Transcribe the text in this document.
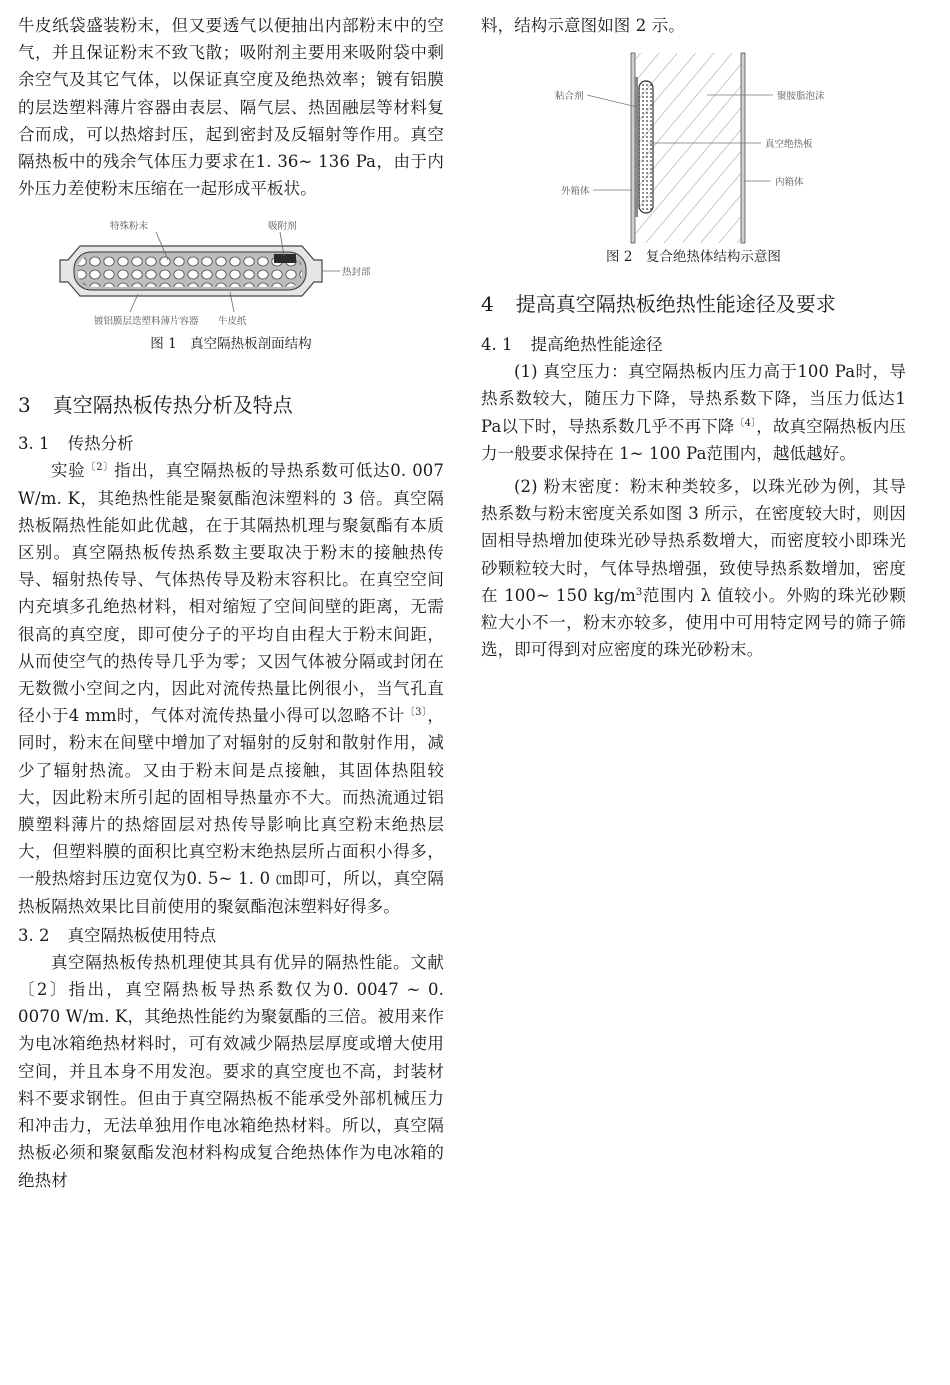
牛皮纸袋盛装粉末，但又要透气以便抽出内部粉末中的空气，并且保证粉末不致飞散；吸附剂主要用来吸附袋中剩余空气及其它气体，以保证真空度及绝热效率；镀有铝膜的层迭塑料薄片容器由表层、隔气层、热固融层等材料复合而成，可以热熔封压，起到密封及反辐射等作用。真空隔热板中的残余气体压力要求在1. 36~ 136 Pa，由于内外压力差使粉末压缩在一起形成平板状。

特殊粉末	吸附剂
热封部
镀铝膜层迭塑料薄片容器 牛皮纸
图 1　真空隔热板剖面结构
3 真空隔热板传热分析及特点
3. 1 传热分析

实验$^{〔2〕}$指出，真空隔热板的导热系数可低达0. 007 W/m. K，其绝热性能是聚氨酯泡沫塑料的 3 倍。真空隔热板隔热性能如此优越，在于其隔热机理与聚氨酯有本质区别。真空隔热板传热系数主要取决于粉末的接触热传导、辐射热传导、气体热传导及粉末容积比。在真空空间内充填多孔绝热材料，相对缩短了空间间壁的距离，无需很高的真空度，即可使分子的平均自由程大于粉末间距，从而使空气的热传导几乎为零；又因气体被分隔或封闭在无数微小空间之内，因此对流传热量比例很小，当气孔直径小于4 mm时，气体对流传热量小得可以忽略不计$^{〔3〕}$，同时，粉末在间壁中增加了对辐射的反射和散射作用，减少了辐射热流。又由于粉末间是点接触，其固体热阻较大，因此粉末所引起的固相导热量亦不大。而热流通过铝膜塑料薄片的热熔固层对热传导影响比真空粉末绝热层大，但塑料膜的面积比真空粉末绝热层所占面积小得多，一般热熔封压边宽仅为0. 5~ 1. 0 ㎝即可，所以，真空隔热板隔热效果比目前使用的聚氨酯泡沫塑料好得多。

3. 2 真空隔热板使用特点

真空隔热板传热机理使其具有优异的隔热性能。文献〔2〕指出，真空隔热板导热系数仅为0. 0047 ~ 0. 0070 W/m. K，其绝热性能约为聚氨酯的三倍。被用来作为电冰箱绝热材料时，可有效减少隔热层厚度或增大使用空间，并且本身不用发泡。要求的真空度也不高，封装材料不要求钢性。但由于真空隔热板不能承受外部机械压力和冲击力，无法单独用作电冰箱绝热材料。所以，真空隔热板必须和聚氨酯发泡材料构成复合绝热体作为电冰箱的绝热材

料，结构示意图如图 2 示。

粘合剂	聚胺脂泡沫
真空绝热板
外箱体
内箱体
图 2　复合绝热体结构示意图
4 提高真空隔热板绝热性能途径及要求
4. 1 提高绝热性能途径

(1) 真空压力：真空隔热板内压力高于100 Pa时，导热系数较大，随压力下降，导热系数下降，当压力低达1 Pa以下时，导热系数几乎不再下降$^{〔4〕}$，故真空隔热板内压力一般要求保持在 1~ 100 Pa范围内，越低越好。

(2) 粉末密度：粉末种类较多，以珠光砂为例，其导热系数与粉末密度关系如图 3 所示，在密度较大时，则因固相导热增加使珠光砂导热系数增大，而密度较小即珠光砂颗粒较大时，气体导热增强，致使导热系数增加，密度在 100~ 150 $kg/m^3$范围内 λ 值较小。外购的珠光砂颗粒大小不一，粉末亦较多，使用中可用特定网号的筛子筛选，即可得到对应密度的珠光砂粉末。
